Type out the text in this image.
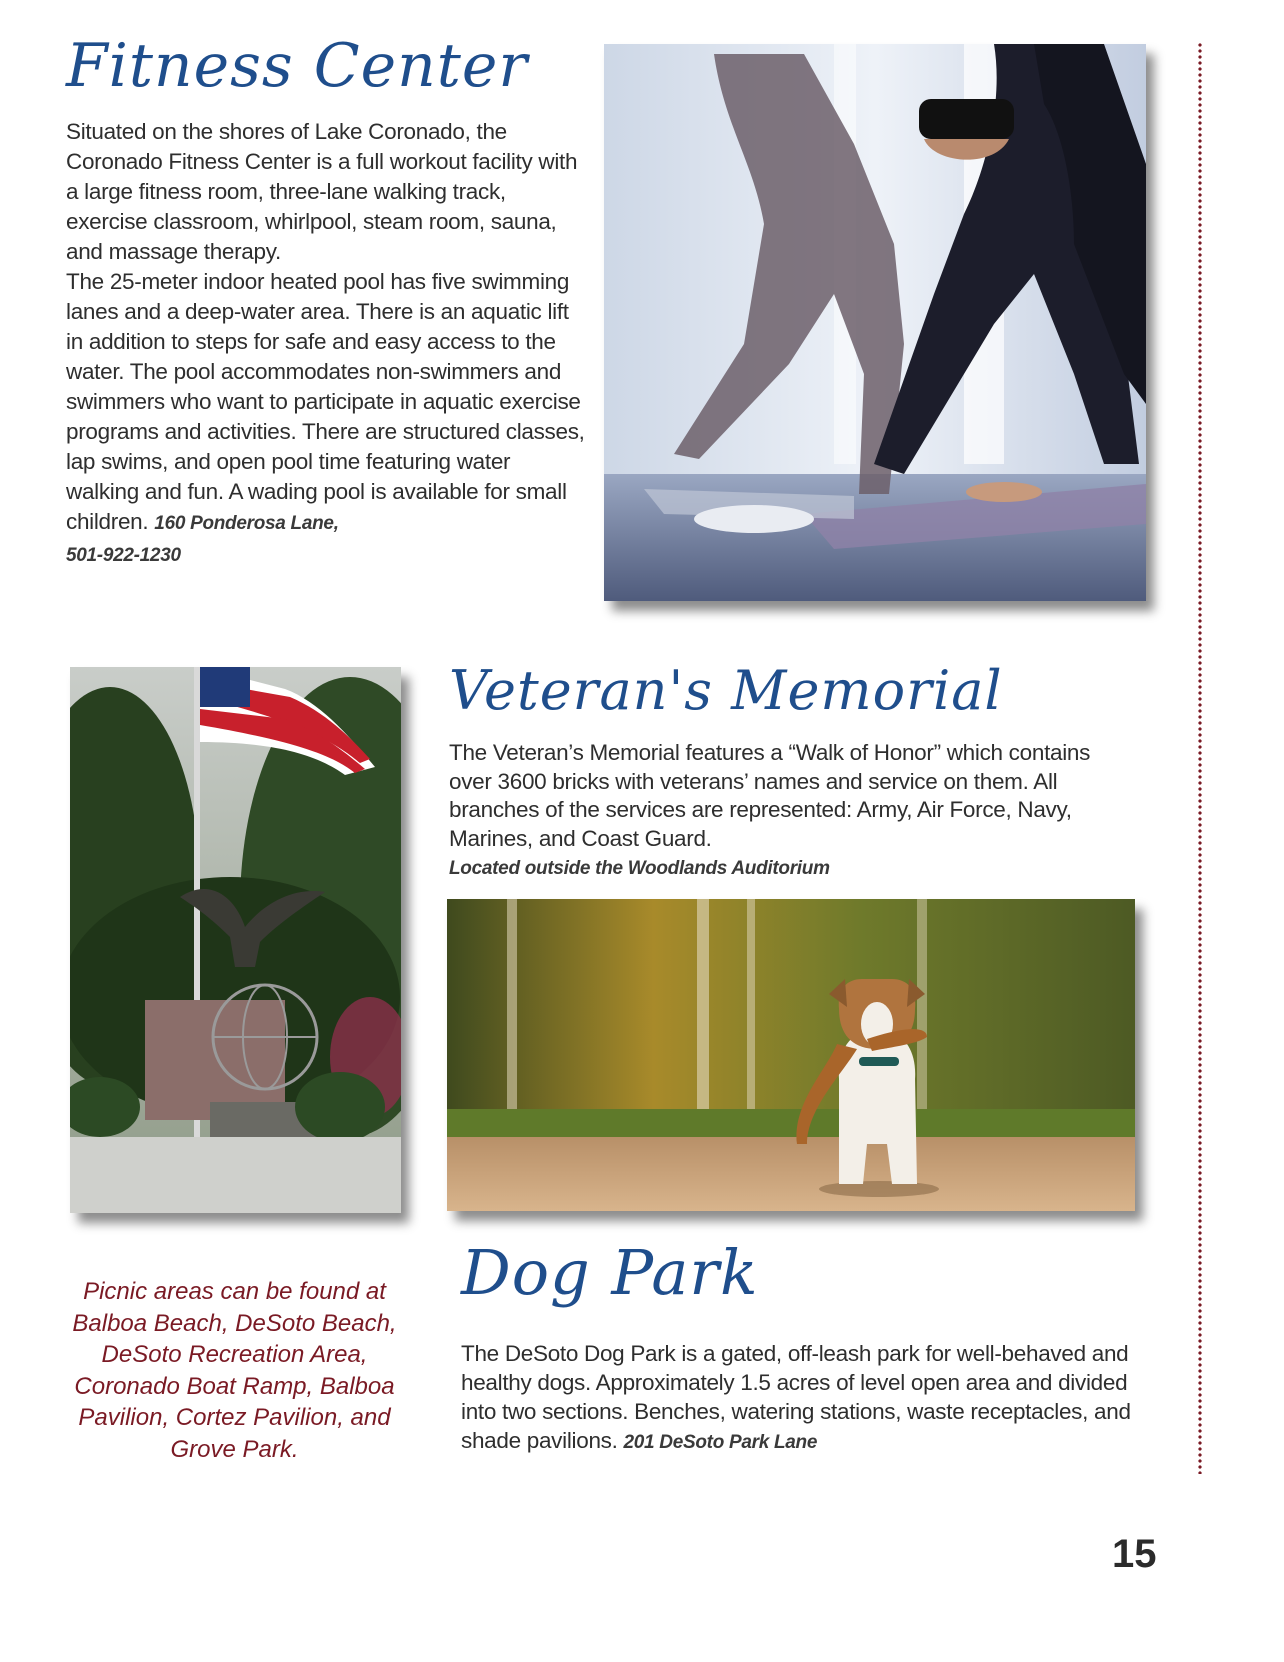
Fitness Center
Situated on the shores of Lake Coronado, the Coronado Fitness Center is a full workout facility with a large fitness room, three-lane walking track, exercise classroom, whirlpool, steam room, sauna, and massage therapy.
The 25-meter indoor heated pool has five swimming lanes and a deep-water area. There is an aquatic lift in addition to steps for safe and easy access to the water. The pool accommodates non-swimmers and swimmers who want to participate in aquatic exercise programs and activities. There are structured classes, lap swims, and open pool time featuring water walking and fun. A wading pool is available for small children. 160 Ponderosa Lane,
501-922-1230
Veteran's Memorial
The Veteran’s Memorial features a “Walk of Honor” which contains over 3600 bricks with veterans’ names and service on them. All branches of the services are represented: Army, Air Force, Navy, Marines, and Coast Guard.
Located outside the Woodlands Auditorium
Dog Park
The DeSoto Dog Park is a gated, off-leash park for well-behaved and healthy dogs. Approximately 1.5 acres of level open area and divided into two sections. Benches, watering stations, waste receptacles, and shade pavilions. 201 DeSoto Park Lane
Picnic areas can be found at Balboa Beach, DeSoto Beach, DeSoto Recreation Area, Coronado Boat Ramp, Balboa Pavilion, Cortez Pavilion, and Grove Park.
15
